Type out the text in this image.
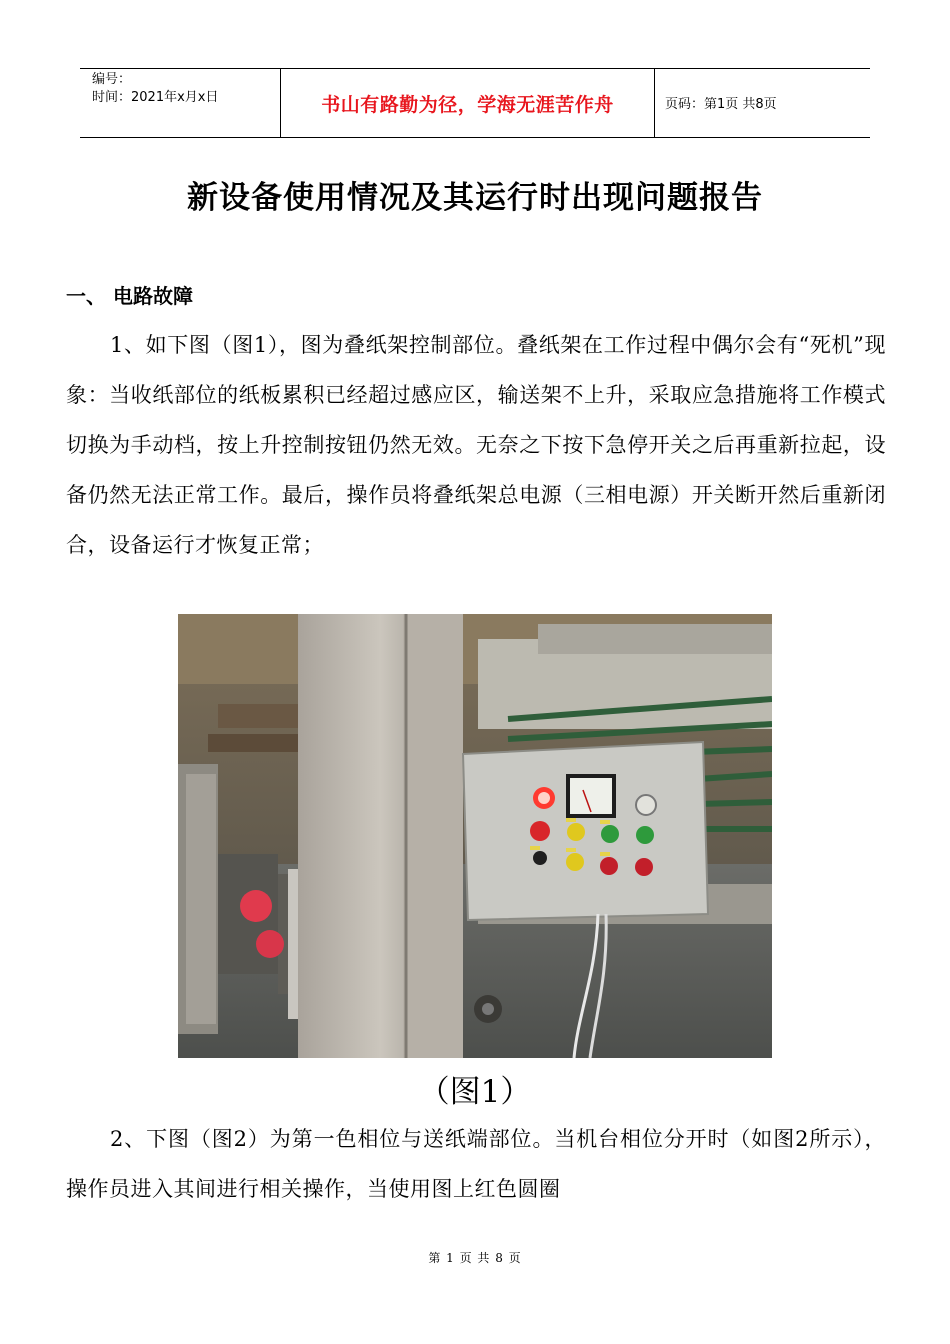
编号：
时间：2021年x月x日	书山有路勤为径，学海无涯苦作舟	页码：第1页 共8页
新设备使用情况及其运行时出现问题报告
一、 电路故障
1、如下图（图1），图为叠纸架控制部位。叠纸架在工作过程中偶尔会有“死机”现象：当收纸部位的纸板累积已经超过感应区，输送架不上升，采取应急措施将工作模式切换为手动档，按上升控制按钮仍然无效。无奈之下按下急停开关之后再重新拉起，设备仍然无法正常工作。最后，操作员将叠纸架总电源（三相电源）开关断开然后重新闭合，设备运行才恢复正常；
（图1）
2、下图（图2）为第一色相位与送纸端部位。当机台相位分开时（如图2所示），操作员进入其间进行相关操作，当使用图上红色圆圈
第 1 页 共 8 页
